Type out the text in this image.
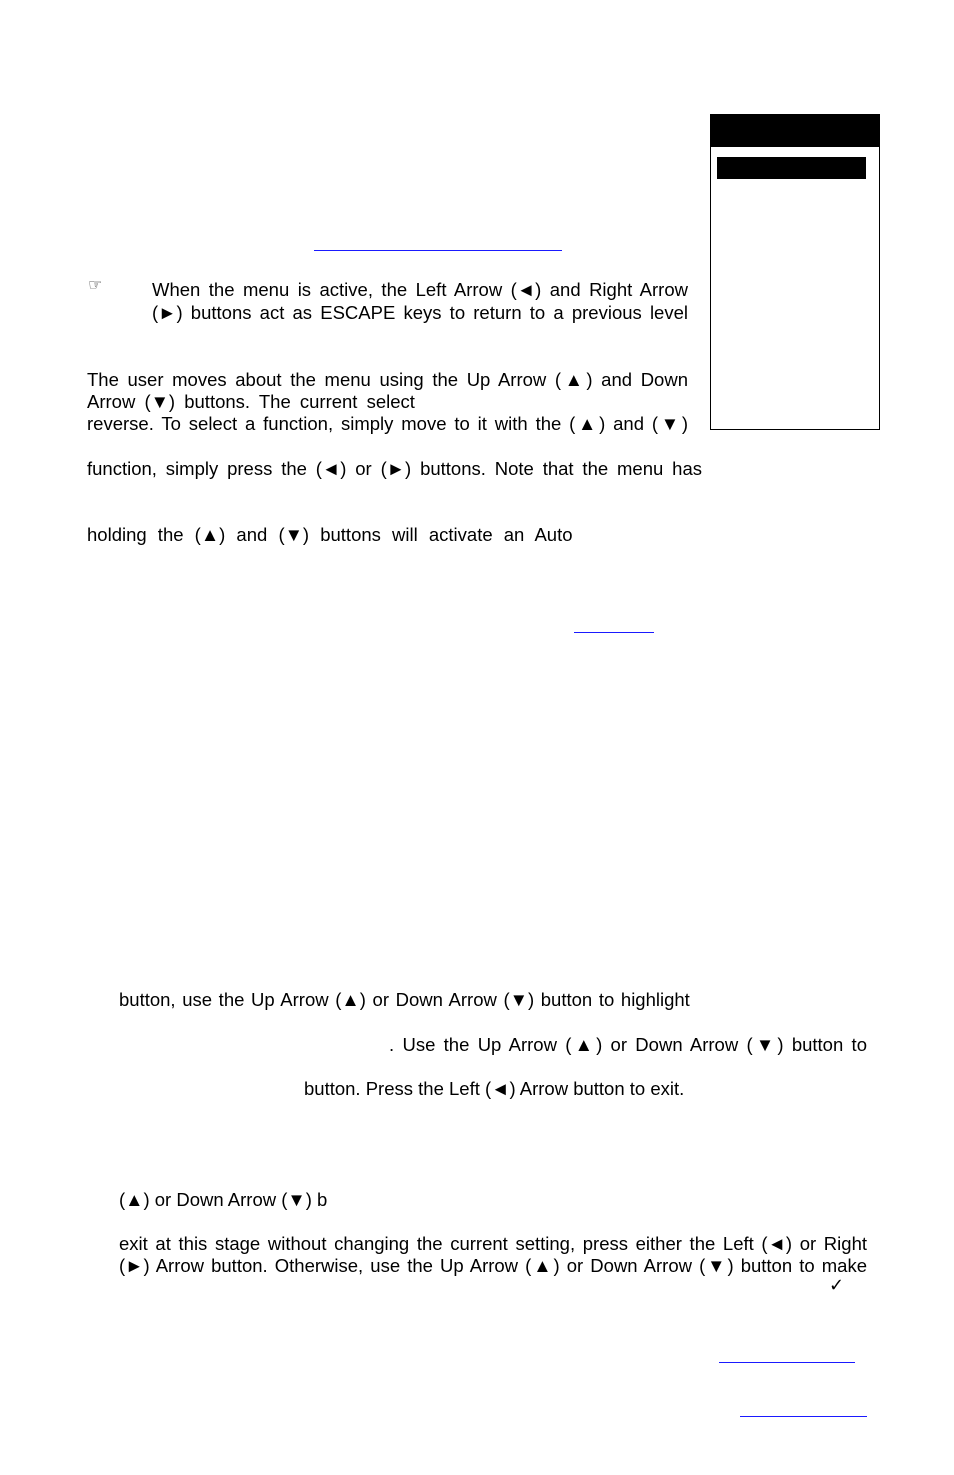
☞	When the menu is active, the Left Arrow (◄) and Right Arrow
(►) buttons act as ESCAPE keys to return to a previous level
The user moves about the menu using the Up Arrow (▲) and Down
Arrow (▼) buttons. The current select
reverse. To select a function, simply move to it with the (▲) and (▼)
function, simply press the (◄) or (►) buttons. Note that the menu has
holding the (▲) and (▼) buttons will activate an Auto
button, use the Up Arrow (▲) or Down Arrow (▼) button to highlight
. Use the Up Arrow (▲) or Down Arrow (▼) button to
button. Press the Left (◄) Arrow button to exit.
(▲) or Down Arrow (▼) b
exit at this stage without changing the current setting, press either the Left (◄) or Right
(►) Arrow button. Otherwise, use the Up Arrow (▲) or Down Arrow (▼) button to make
✓
